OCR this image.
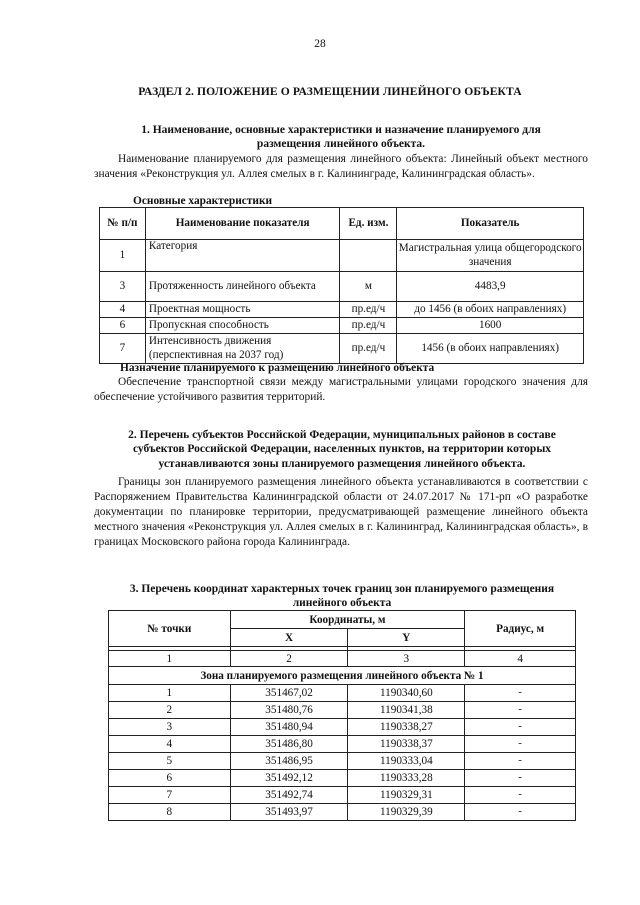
28
РАЗДЕЛ 2. ПОЛОЖЕНИЕ О РАЗМЕЩЕНИИ ЛИНЕЙНОГО ОБЪЕКТА
1. Наименование, основные характеристики и назначение планируемого для
размещения линейного объекта.
Наименование планируемого для размещения линейного объекта: Линейный объект местного значения «Реконструкция ул. Аллея смелых в г. Калининграде, Калининградская область».
Основные характеристики
№ п/п	Наименование показателя	Ед. изм.	Показатель
1	Категория		Магистральная улица общегородского значения
3	Протяженность линейного объекта	м	4483,9
4	Проектная мощность	пр.ед/ч	до 1456 (в обоих направлениях)
6	Пропускная способность	пр.ед/ч	1600
7	Интенсивность движения (перспективная на 2037 год)	пр.ед/ч	1456 (в обоих направлениях)
Назначение планируемого к размещению линейного объекта
Обеспечение транспортной связи между магистральными улицами городского значения для обеспечение устойчивого развития территорий.
2. Перечень субъектов Российской Федерации, муниципальных районов в составе
субъектов Российской Федерации, населенных пунктов, на территории которых
устанавливаются зоны планируемого размещения линейного объекта.
Границы зон планируемого размещения линейного объекта устанавливаются в соответствии с Распоряжением Правительства Калининградской области от 24.07.2017 № 171-рп «О разработке документации по планировке территории, предусматривающей размещение линейного объекта местного значения «Реконструкция ул. Аллея смелых в г. Калининград, Калининградская область», в границах Московского района города Калининграда.
3. Перечень координат характерных точек границ зон планируемого размещения
линейного объекта
№ точки	Координаты, м		Радиус, м
	X	Y	

1	2	3	4
Зона планируемого размещения линейного объекта № 1			
1	351467,02	1190340,60	-
2	351480,76	1190341,38	-
3	351480,94	1190338,27	-
4	351486,80	1190338,37	-
5	351486,95	1190333,04	-
6	351492,12	1190333,28	-
7	351492,74	1190329,31	-
8	351493,97	1190329,39	-
